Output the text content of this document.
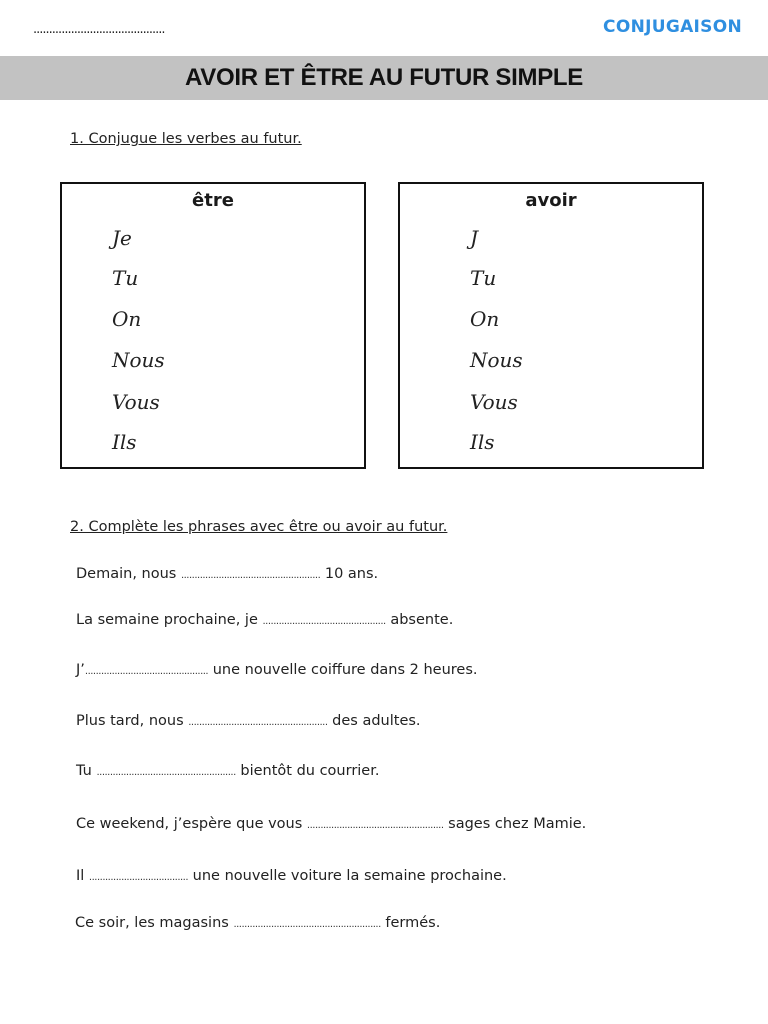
..........................................	CONJUGAISON
AVOIR ET ÊTRE AU FUTUR SIMPLE
1. Conjugue les verbes au futur.
être
Je
Tu
On
Nous
Vous
Ils
avoir
J
Tu
On
Nous
Vous
Ils
2. Complète les phrases avec être ou avoir au futur.
Demain, nous .................................................... 10 ans.
La semaine prochaine, je .............................................. absente.
J’.............................................. une nouvelle coiffure dans 2 heures.
Plus tard, nous .................................................... des adultes.
Tu .................................................... bientôt du courrier.
Ce weekend, j’espère que vous ................................................... sages chez Mamie.
Il ..................................... une nouvelle voiture la semaine prochaine.
Ce soir, les magasins ....................................................... fermés.
